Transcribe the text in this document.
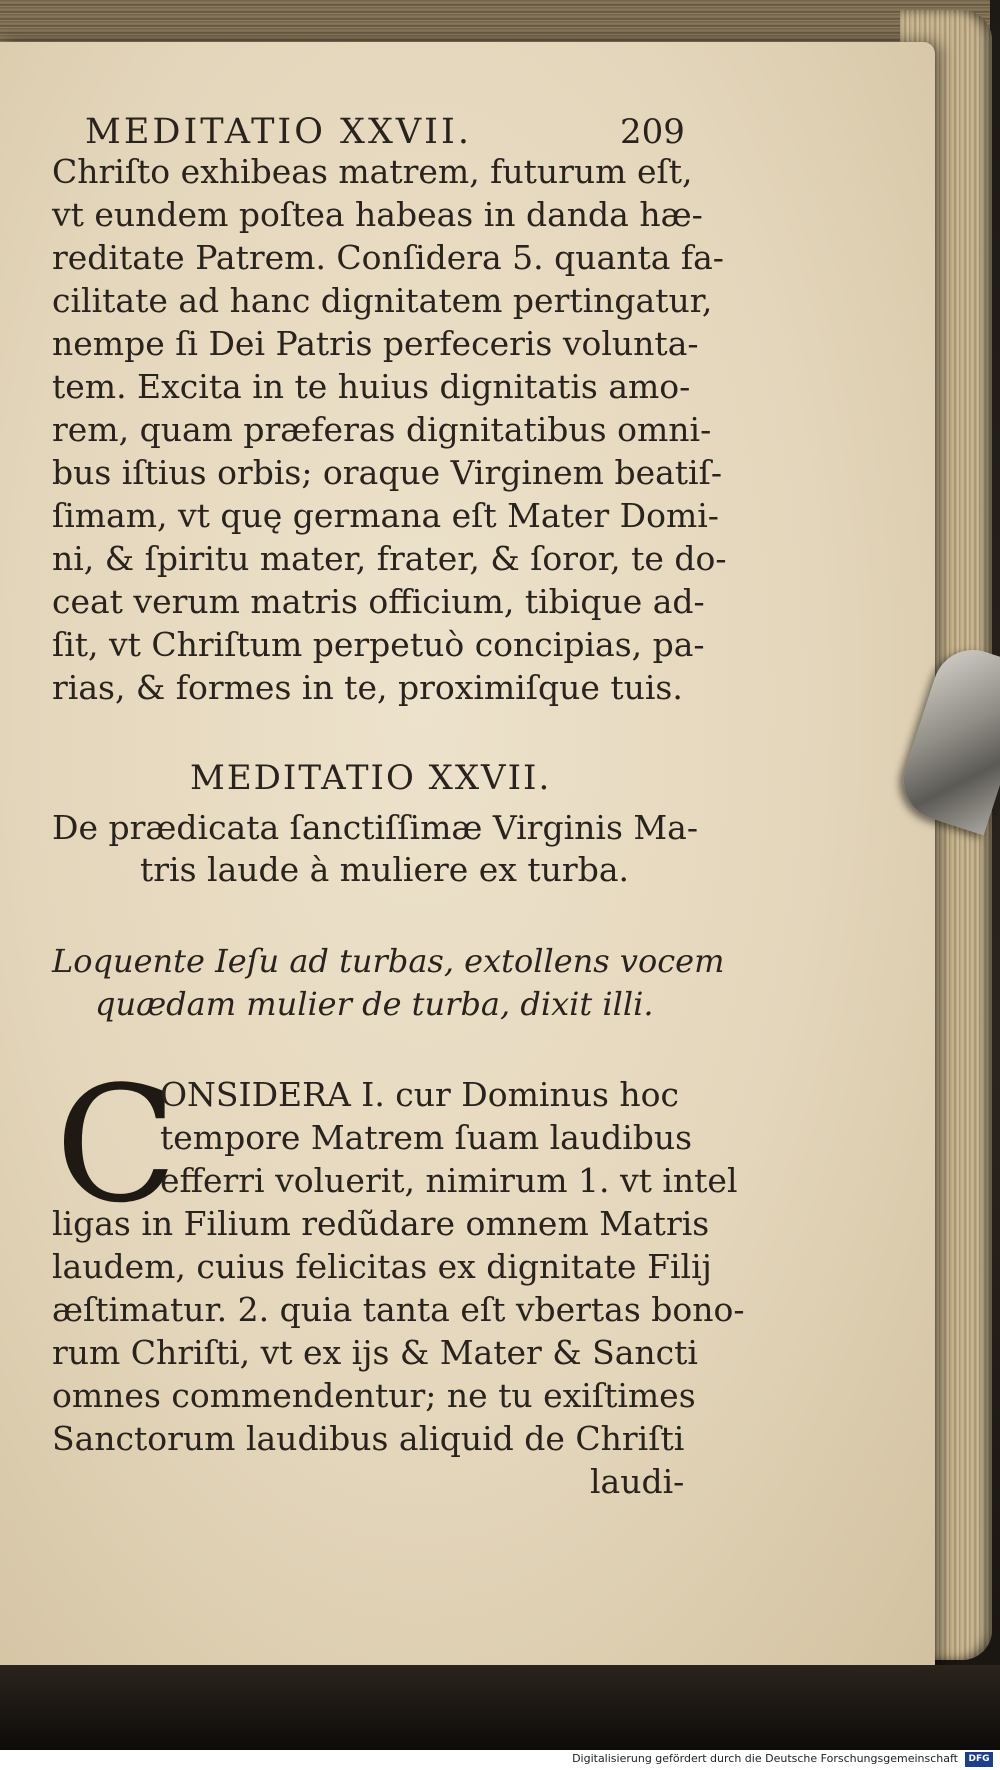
MEDITATIO XXVII.	209
Chriſto exhibeas matrem, futurum eſt,
vt eundem poſtea habeas in danda hæ-
reditate Patrem. Conſidera 5. quanta fa-
cilitate ad hanc dignitatem pertingatur,
nempe ſi Dei Patris perfeceris volunta-
tem. Excita in te huius dignitatis amo-
rem, quam præferas dignitatibus omni-
bus iſtius orbis; oraque Virginem beatiſ-
ſimam, vt quę germana eſt Mater Domi-
ni, & ſpiritu mater, frater, & ſoror, te do-
ceat verum matris officium, tibique ad-
ſit, vt Chriſtum perpetuò concipias, pa-
rias, & formes in te, proximiſque tuis.
MEDITATIO XXVII.
De prædicata ſanctiſſimæ Virginis Ma-
tris laude à muliere ex turba.
Loquente Ieſu ad turbas, extollens vocem
quædam mulier de turba, dixit illi.
C
ONSIDERA I. cur Dominus hoc
tempore Matrem ſuam laudibus
efferri voluerit, nimirum 1. vt intel
ligas in Filium redũdare omnem Matris
laudem, cuius felicitas ex dignitate Filij
æſtimatur. 2. quia tanta eſt vbertas bono-
rum Chriſti, vt ex ijs & Mater & Sancti
omnes commendentur; ne tu exiſtimes
Sanctorum laudibus aliquid de Chriſti
laudi-
Digitalisierung gefördert durch die Deutsche Forschungsgemeinschaft	DFG
